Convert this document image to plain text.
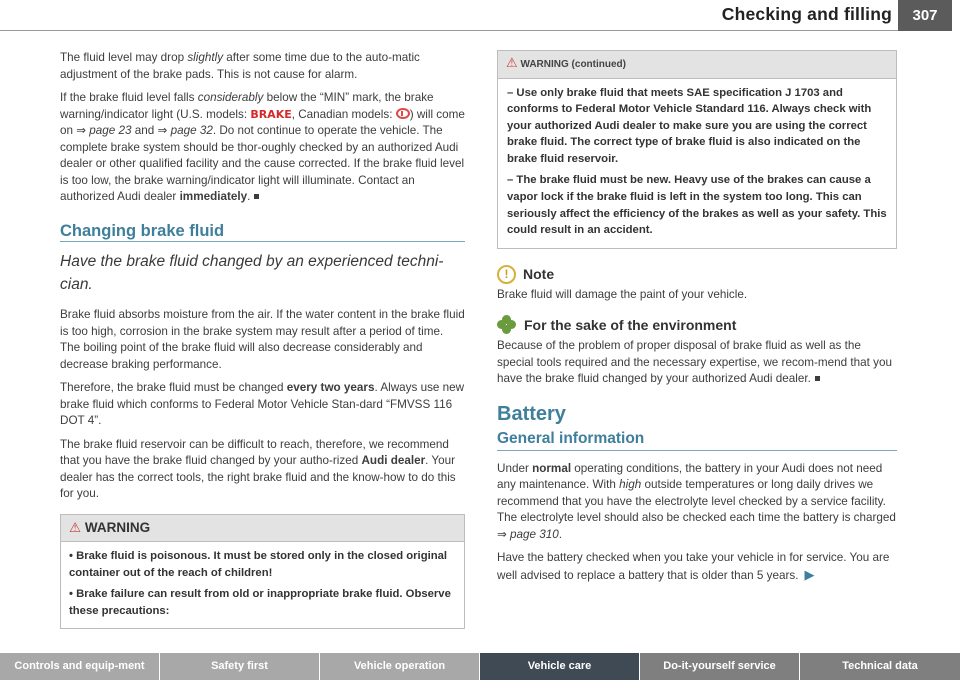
Checking and filling	307

The fluid level may drop slightly after some time due to the auto-matic adjustment of the brake pads. This is not cause for alarm.

If the brake fluid level falls considerably below the “MIN” mark, the brake warning/indicator light (U.S. models: BRAKE, Canadian models: ) will come on ⇒ page 23 and ⇒ page 32. Do not continue to operate the vehicle. The complete brake system should be thor-oughly checked by an authorized Audi dealer or other qualified facility and the cause corrected. If the brake fluid level is too low, the brake warning/indicator light will illuminate. Contact an authorized Audi dealer immediately.

Changing brake fluid
Have the brake fluid changed by an experienced techni-cian.

Brake fluid absorbs moisture from the air. If the water content in the brake fluid is too high, corrosion in the brake system may result after a period of time. The boiling point of the brake fluid will also decrease considerably and decrease braking performance.

Therefore, the brake fluid must be changed every two years. Always use new brake fluid which conforms to Federal Motor Vehicle Stan-dard “FMVSS 116 DOT 4”.

The brake fluid reservoir can be difficult to reach, therefore, we recommend that you have the brake fluid changed by your autho-rized Audi dealer. Your dealer has the correct tools, the right brake fluid and the know-how to do this for you.

⚠ WARNING

• Brake fluid is poisonous. It must be stored only in the closed original container out of the reach of children!

• Brake failure can result from old or inappropriate brake fluid. Observe these precautions:

⚠ WARNING (continued)

– Use only brake fluid that meets SAE specification J 1703 and conforms to Federal Motor Vehicle Standard 116. Always check with your authorized Audi dealer to make sure you are using the correct brake fluid. The correct type of brake fluid is also indicated on the brake fluid reservoir.

– The brake fluid must be new. Heavy use of the brakes can cause a vapor lock if the brake fluid is left in the system too long. This can seriously affect the efficiency of the brakes as well as your safety. This could result in an accident.

!	Note

Brake fluid will damage the paint of your vehicle.

For the sake of the environment

Because of the problem of proper disposal of brake fluid as well as the special tools required and the necessary expertise, we recom-mend that you have the brake fluid changed by your authorized Audi dealer.

Battery
General information

Under normal operating conditions, the battery in your Audi does not need any maintenance. With high outside temperatures or long daily drives we recommend that you have the electrolyte level checked by a service facility. The electrolyte level should also be checked each time the battery is charged ⇒ page 310.

Have the battery checked when you take your vehicle in for service. You are well advised to replace a battery that is older than 5 years. ▶

Controls and equip-ment	Safety first	Vehicle operation	Vehicle care	Do-it-yourself service	Technical data
